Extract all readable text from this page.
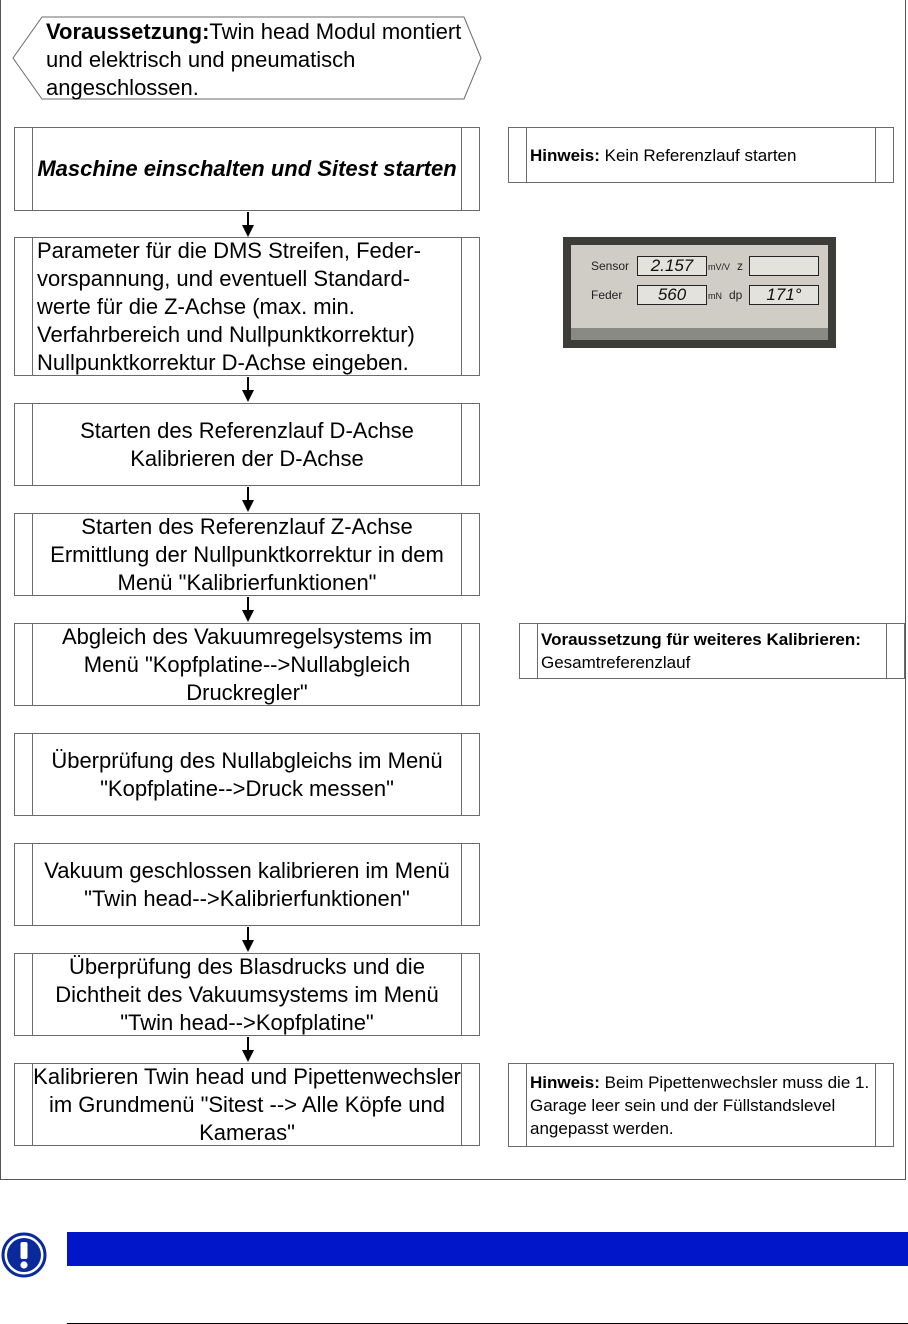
Voraussetzung:Twin head Modul montiert und elektrisch und pneumatisch angeschlossen.
Maschine einschalten und Sitest starten
Parameter für die DMS Streifen, Feder-vorspannung, und eventuell Standard-werte für die Z-Achse (max. min. Verfahrbereich und Nullpunktkorrektur) Nullpunktkorrektur D-Achse eingeben.
Starten des Referenzlauf D-Achse Kalibrieren der D-Achse
Starten des Referenzlauf Z-Achse Ermittlung der Nullpunktkorrektur in dem Menü "Kalibrierfunktionen"
Abgleich des Vakuumregelsystems im Menü "Kopfplatine-->Nullabgleich Druckregler"
Überprüfung des Nullabgleichs im Menü "Kopfplatine-->Druck messen"
Vakuum geschlossen kalibrieren im Menü "Twin head-->Kalibrierfunktionen"
Überprüfung des Blasdrucks und die Dichtheit des Vakuumsystems im Menü "Twin head-->Kopfplatine"
Kalibrieren Twin head und Pipettenwechsler im Grundmenü "Sitest --> Alle Köpfe und Kameras"
Hinweis: Kein Referenzlauf starten
Voraussetzung für weiteres Kalibrieren: Gesamtreferenzlauf
Hinweis: Beim Pipettenwechsler muss die 1. Garage leer sein und der Füllstandslevel angepasst werden.
Sensor	2.157	mV/V z
Feder	560	mN dp	171°
